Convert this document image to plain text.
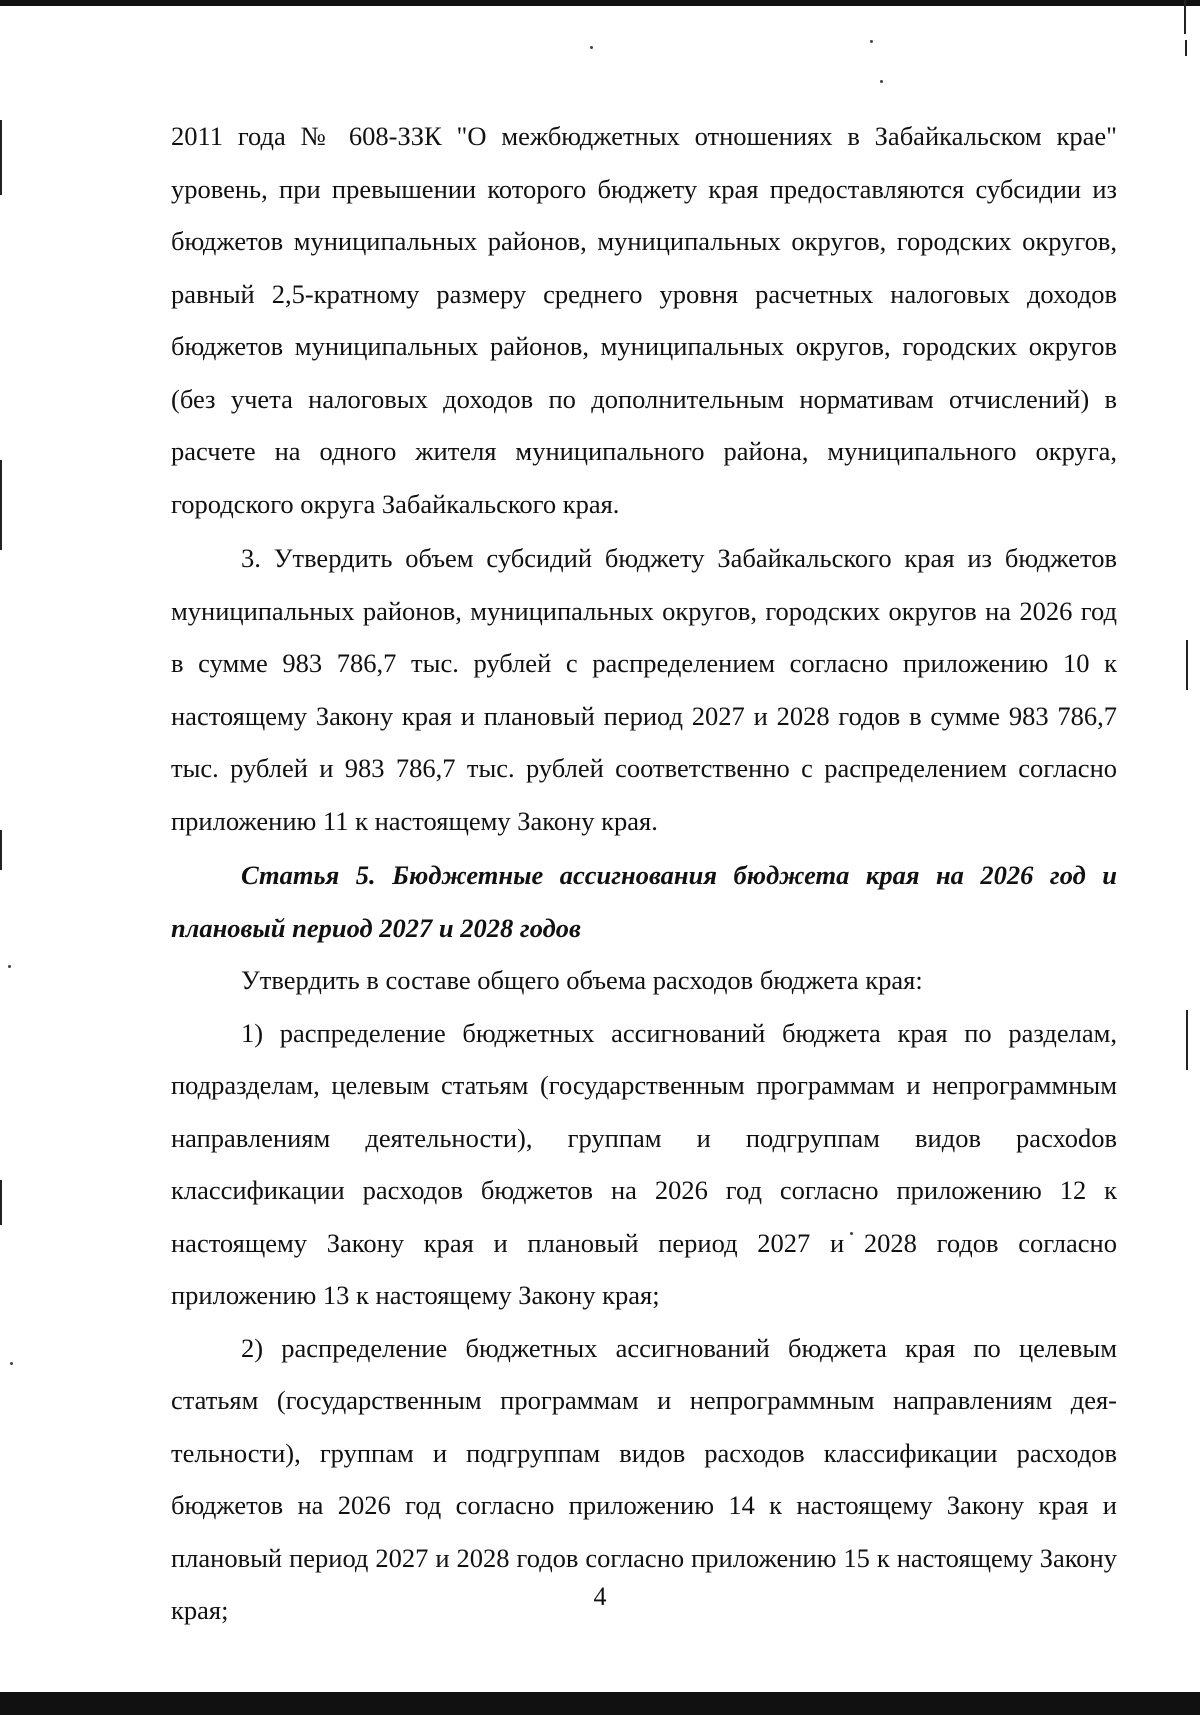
2011 года № 608-ЗЗК "О межбюджетных отношениях в Забайкальском крае" уровень, при превышении которого бюджету края предоставляются субсидии из бюджетов муниципальных районов, муниципальных округов, городских округов, равный 2,5-кратному размеру среднего уровня расчетных налоговых доходов бюджетов муниципальных районов, муниципальных округов, городских округов (без учета налоговых доходов по дополнительным нормативам отчислений) в расчете на одного жителя муниципального района, муниципального округа, городского округа Забайкальского края.

3. Утвердить объем субсидий бюджету Забайкальского края из бюджетов муниципальных районов, муниципальных округов, городских округов на 2026 год в сумме 983 786,7 тыс. рублей с распределением согласно приложению 10 к настоящему Закону края и плановый период 2027 и 2028 годов в сумме 983 786,7 тыс. рублей и 983 786,7 тыс. рублей соответственно с распределением согласно приложению 11 к настоящему Закону края.

Статья 5. Бюджетные ассигнования бюджета края на 2026 год и плановый период 2027 и 2028 годов

Утвердить в составе общего объема расходов бюджета края:

1) распределение бюджетных ассигнований бюджета края по разделам, подразделам, целевым статьям (государственным программам и непрограммным направлениям деятельности), группам и подгруппам видов расхоdов классификации расходов бюджетов на 2026 год согласно приложению 12 к настоящему Закону края и плановый период 2027 и 2028 годов согласно приложению 13 к настоящему Закону края;

2) распределение бюджетных ассигнований бюджета края по целевым статьям (государственным программам и непрограммным направлениям деятельности), группам и подгруппам видов расходов классификации расходов бюджетов на 2026 год согласно приложению 14 к настоящему Закону края и плановый период 2027 и 2028 годов согласно приложению 15 к настоящему Закону края;	4
